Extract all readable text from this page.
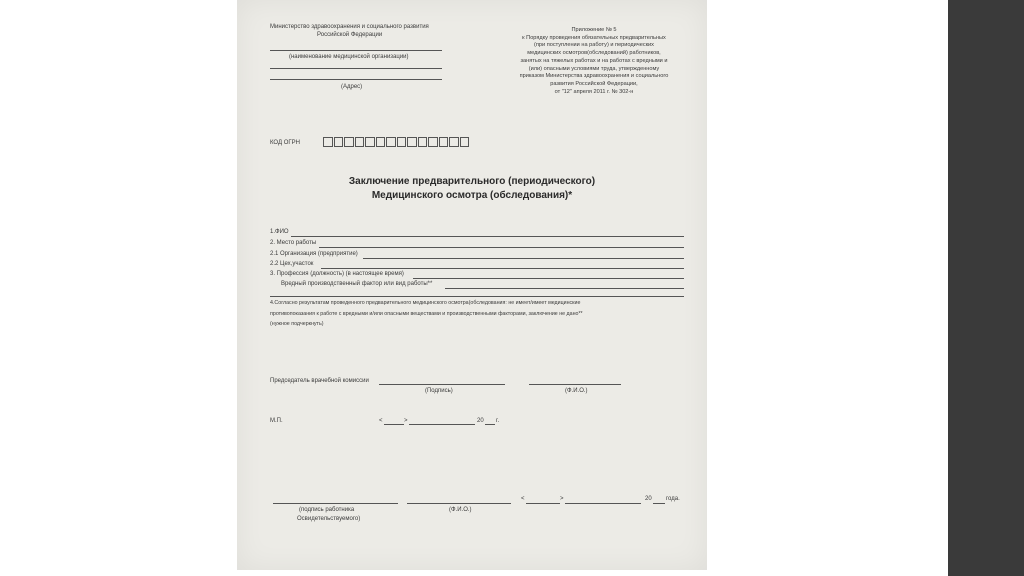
Министерство здравоохранения и социального развития
Российской Федерации
(наименование медицинской организации)
(Адрес)
Приложение № 5
к Порядку проведения обязательных предварительных
(при поступлении на работу) и периодических
медицинских осмотров(обследований) работников,
занятых на тяжелых работах и на работах с вредными и
(или) опасными условиями труда, утвержденному
приказом Министерства здравоохранения и социального
развития Российской Федерации,
от "12" апреля 2011 г. № 302-н
КОД ОГРН
Заключение предварительного (периодического)
Медицинского осмотра (обследования)*
1.ФИО
2. Место работы
2.1 Организация (предприятие)
2.2 Цех,участок
3. Профессия (должность) (в настоящее время)
Вредный производственный фактор или вид работы**
4.Согласно результатам проведенного предварительного медицинского осмотра(обследования: не имеет/имеет медицинские
противопоказания к работе с вредными и/или опасными веществами и производственными факторами, заключение не дано**
(нужное подчеркнуть)
Председатель врачебной комиссии
(Подпись)	(Ф.И.О.)
М.П.	<	>	20 г.
(подпись работника
Освидетельствуемого)
(Ф.И.О.)
<	>	20 года.
